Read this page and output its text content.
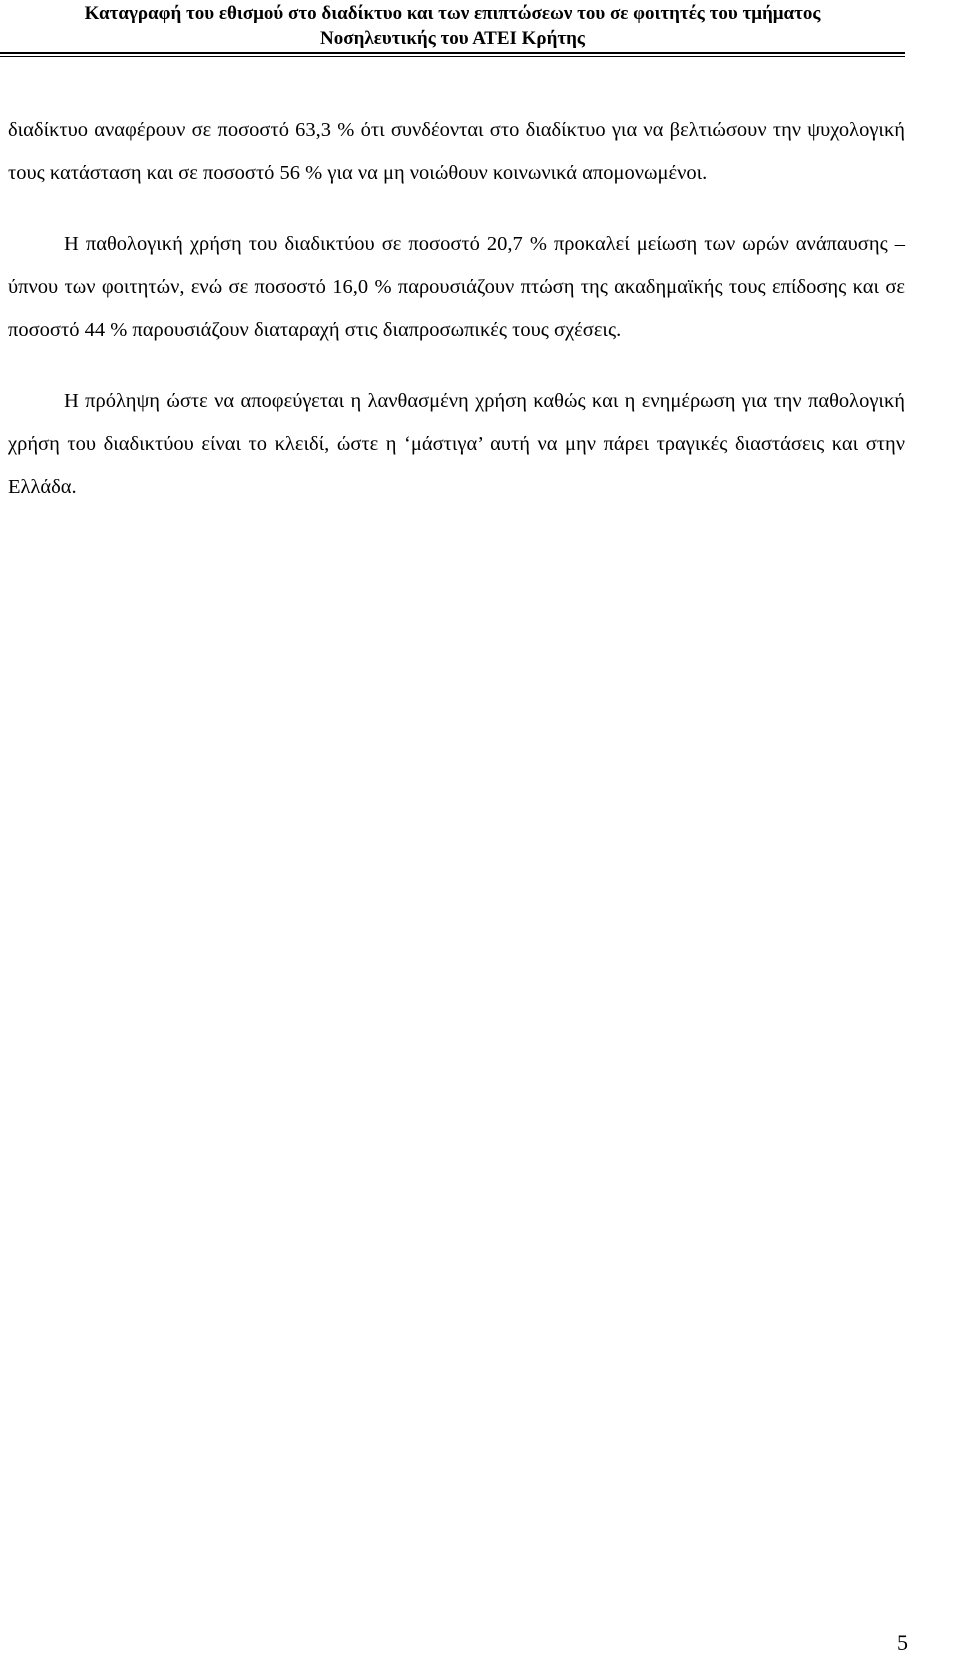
Καταγραφή του εθισμού στο διαδίκτυο και των επιπτώσεων του σε φοιτητές του τμήματος
Νοσηλευτικής του ΑΤΕΙ Κρήτης

διαδίκτυο αναφέρουν σε ποσοστό 63,3 % ότι συνδέονται στο διαδίκτυο για να βελτιώσουν την ψυχολογική τους κατάσταση και σε ποσοστό 56 % για να μη νοιώθουν κοινωνικά απομονωμένοι.

Η παθολογική χρήση του διαδικτύου σε ποσοστό 20,7 % προκαλεί μείωση των ωρών ανάπαυσης – ύπνου των φοιτητών, ενώ σε ποσοστό 16,0 % παρουσιάζουν πτώση της ακαδημαϊκής τους επίδοσης και σε ποσοστό 44 % παρουσιάζουν διαταραχή στις διαπροσωπικές τους σχέσεις.

Η πρόληψη ώστε να αποφεύγεται η λανθασμένη χρήση καθώς και η ενημέρωση για την παθολογική χρήση του διαδικτύου είναι το κλειδί, ώστε η ‘μάστιγα’ αυτή να μην πάρει τραγικές διαστάσεις και στην Ελλάδα.

5
